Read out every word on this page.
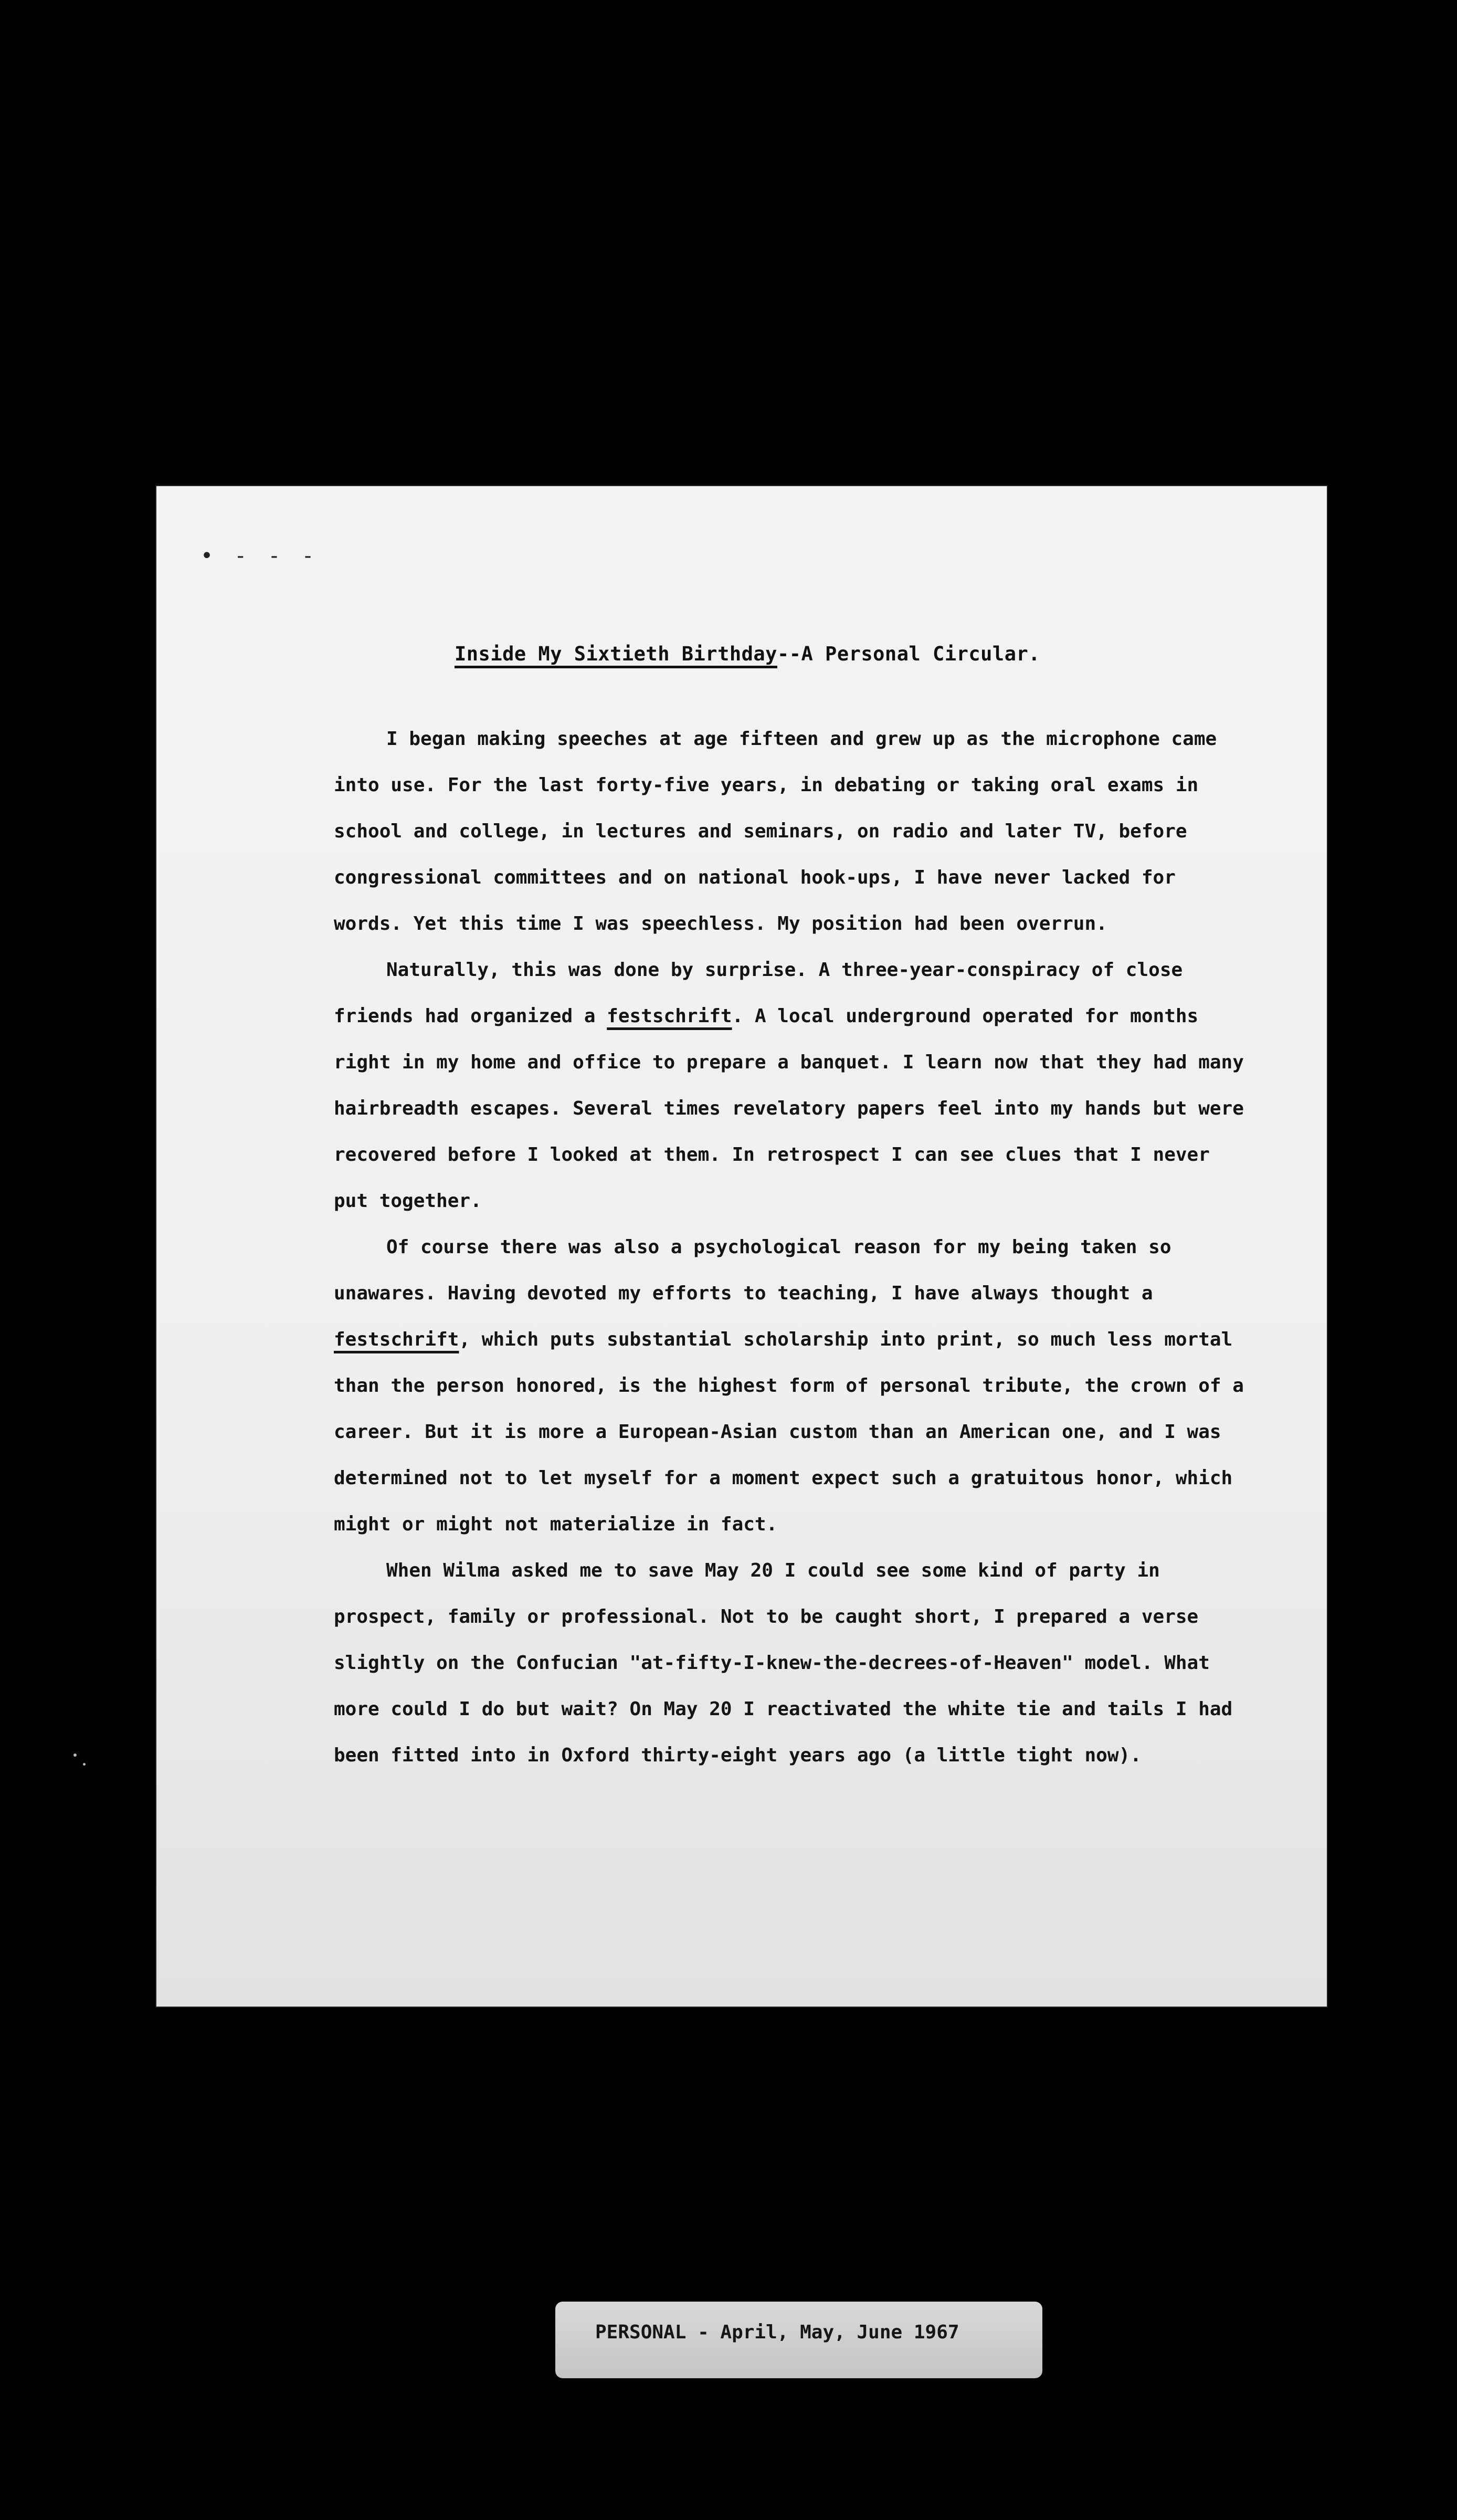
• - - -
Inside My Sixtieth Birthday--A Personal Circular.

I began making speeches at age fifteen and grew up as the microphone came into use. For the last forty-five years, in debating or taking oral exams in school and college, in lectures and seminars, on radio and later TV, before congressional committees and on national hook-ups, I have never lacked for words. Yet this time I was speechless. My position had been overrun.

Naturally, this was done by surprise. A three-year-conspiracy of close friends had organized a festschrift. A local underground operated for months right in my home and office to prepare a banquet. I learn now that they had many hairbreadth escapes. Several times revelatory papers feel into my hands but were recovered before I looked at them. In retrospect I can see clues that I never put together.

Of course there was also a psychological reason for my being taken so unawares. Having devoted my efforts to teaching, I have always thought a festschrift, which puts substantial scholarship into print, so much less mortal than the person honored, is the highest form of personal tribute, the crown of a career. But it is more a European-Asian custom than an American one, and I was determined not to let myself for a moment expect such a gratuitous honor, which might or might not materialize in fact.

When Wilma asked me to save May 20 I could see some kind of party in prospect, family or professional. Not to be caught short, I prepared a verse slightly on the Confucian "at-fifty-I-knew-the-decrees-of-Heaven" model. What more could I do but wait? On May 20 I reactivated the white tie and tails I had been fitted into in Oxford thirty-eight years ago (a little tight now).

PERSONAL - April, May, June 1967
